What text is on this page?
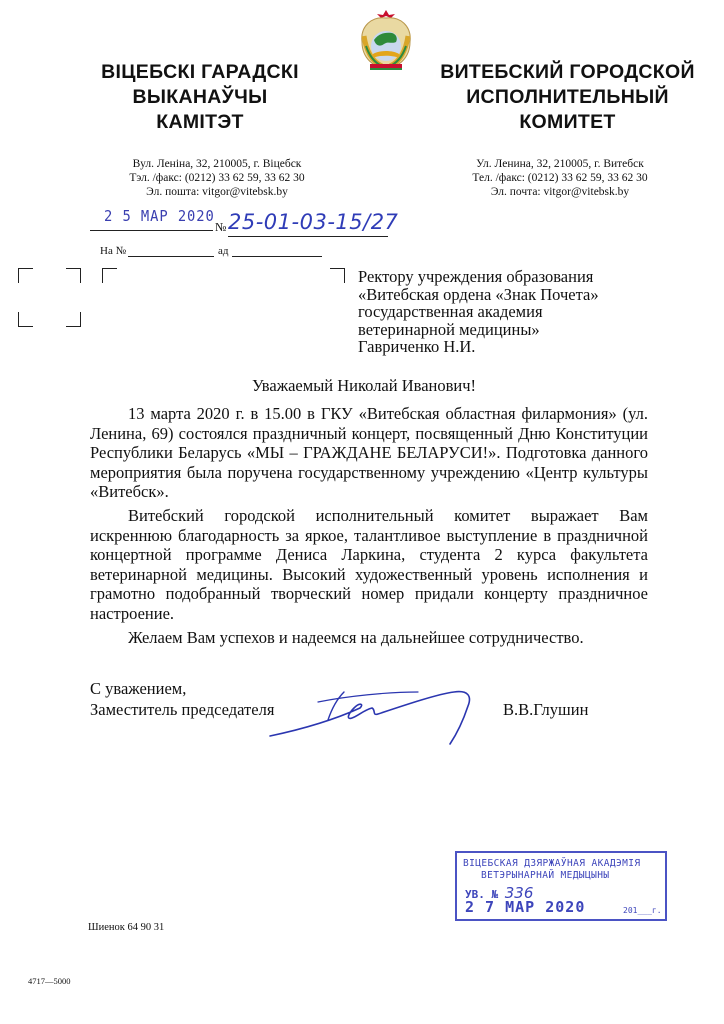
ВІЦЕБСКІ ГАРАДСКІ
ВЫКАНАЎЧЫ
КАМІТЭТ
Вул. Леніна, 32, 210005, г. Віцебск
Тэл. /факс: (0212) 33 62 59, 33 62 30
Эл. пошта: vitgor@vitebsk.by
ВИТЕБСКИЙ ГОРОДСКОЙ
ИСПОЛНИТЕЛЬНЫЙ
КОМИТЕТ
Ул. Ленина, 32, 210005, г. Витебск
Тел. /факс: (0212) 33 62 59, 33 62 30
Эл. почта: vitgor@vitebsk.by
2 5 МАР 2020
№ 25-01-03-15/27
На №	ад
Ректору учреждения образования
«Витебская ордена «Знак Почета»
государственная академия
ветеринарной медицины»
Гавриченко Н.И.
Уважаемый Николай Иванович!

13 марта 2020 г. в 15.00 в ГКУ «Витебская областная филармония» (ул. Ленина, 69) состоялся праздничный концерт, посвященный Дню Конституции Республики Беларусь «МЫ – ГРАЖДАНЕ БЕЛАРУСИ!». Подготовка данного мероприятия была поручена государственному учреждению «Центр культуры «Витебск».

Витебский городской исполнительный комитет выражает Вам искреннюю благодарность за яркое, талантливое выступление в праздничной концертной программе Дениса Ларкина, студента 2 курса факультета ветеринарной медицины. Высокий художественный уровень исполнения и грамотно подобранный творческий номер придали концерту праздничное настроение.

Желаем Вам успехов и надеемся на дальнейшее сотрудничество.

С уважением,
Заместитель председателя	В.В.Глушин
ВІЦЕБСКАЯ ДЗЯРЖАЎНАЯ АКАДЭМІЯ
ВЕТЭРЫНАРНАЙ МЕДЫЦЫНЫ
УВ. № 336
2 7 МАР 2020	201___г.
Шиенок 64 90 31
4717—5000
